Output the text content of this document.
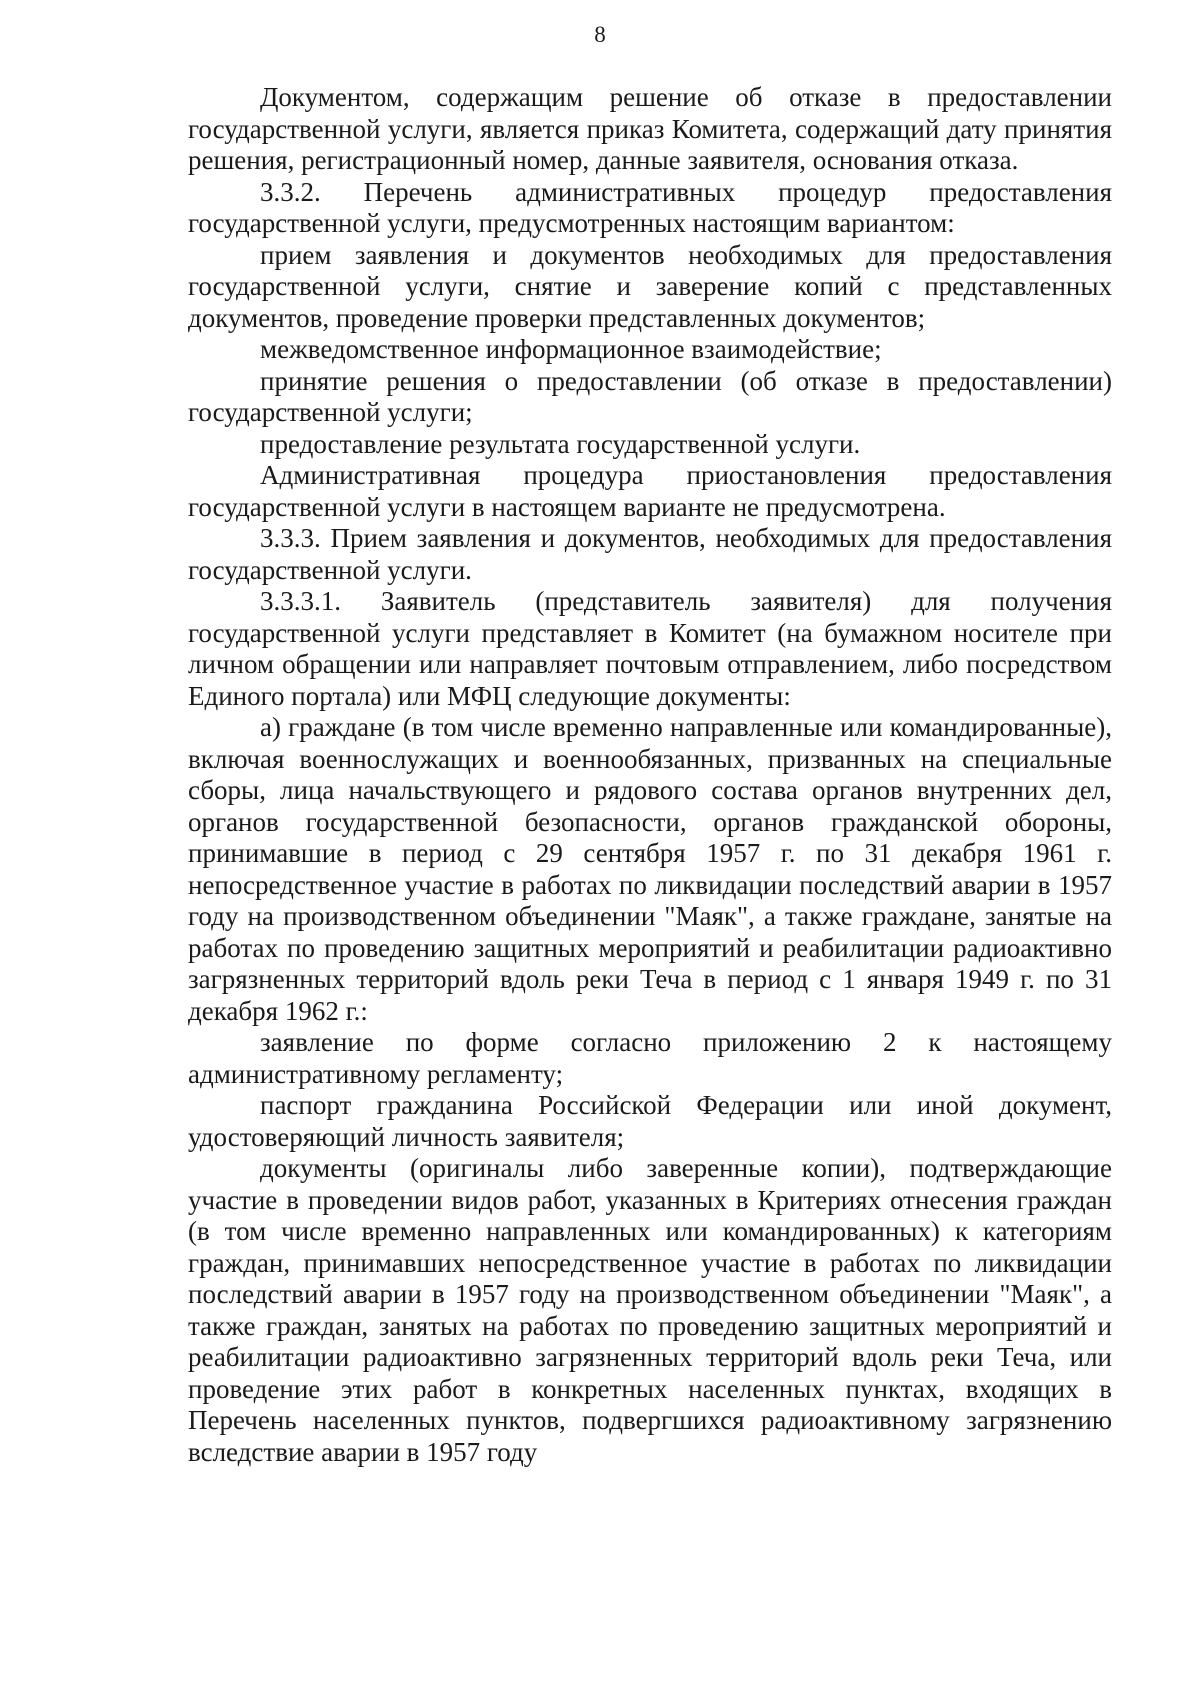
8

Документом, содержащим решение об отказе в предоставлении государственной услуги, является приказ Комитета, содержащий дату принятия решения, регистрационный номер, данные заявителя, основания отказа.

3.3.2. Перечень административных процедур предоставления государственной услуги, предусмотренных настоящим вариантом:

прием заявления и документов необходимых для предоставления государственной услуги, снятие и заверение копий с представленных документов, проведение проверки представленных документов;

межведомственное информационное взаимодействие;

принятие решения о предоставлении (об отказе в предоставлении) государственной услуги;

предоставление результата государственной услуги.

Административная процедура приостановления предоставления государственной услуги в настоящем варианте не предусмотрена.

3.3.3. Прием заявления и документов, необходимых для предоставления государственной услуги.

3.3.3.1. Заявитель (представитель заявителя) для получения государственной услуги представляет в Комитет (на бумажном носителе при личном обращении или направляет почтовым отправлением, либо посредством Единого портала) или МФЦ следующие документы:

а) граждане (в том числе временно направленные или командированные), включая военнослужащих и военнообязанных, призванных на специальные сборы, лица начальствующего и рядового состава органов внутренних дел, органов государственной безопасности, органов гражданской обороны, принимавшие в период с 29 сентября 1957 г. по 31 декабря 1961 г. непосредственное участие в работах по ликвидации последствий аварии в 1957 году на производственном объединении "Маяк", а также граждане, занятые на работах по проведению защитных мероприятий и реабилитации радиоактивно загрязненных территорий вдоль реки Теча в период с 1 января 1949 г. по 31 декабря 1962 г.:

заявление по форме согласно приложению 2 к настоящему административному регламенту;

паспорт гражданина Российской Федерации или иной документ, удостоверяющий личность заявителя;

документы (оригиналы либо заверенные копии), подтверждающие участие в проведении видов работ, указанных в Критериях отнесения граждан (в том числе временно направленных или командированных) к категориям граждан, принимавших непосредственное участие в работах по ликвидации последствий аварии в 1957 году на производственном объединении "Маяк", а также граждан, занятых на работах по проведению защитных мероприятий и реабилитации радиоактивно загрязненных территорий вдоль реки Теча, или проведение этих работ в конкретных населенных пунктах, входящих в Перечень населенных пунктов, подвергшихся радиоактивному загрязнению вследствие аварии в 1957 году
